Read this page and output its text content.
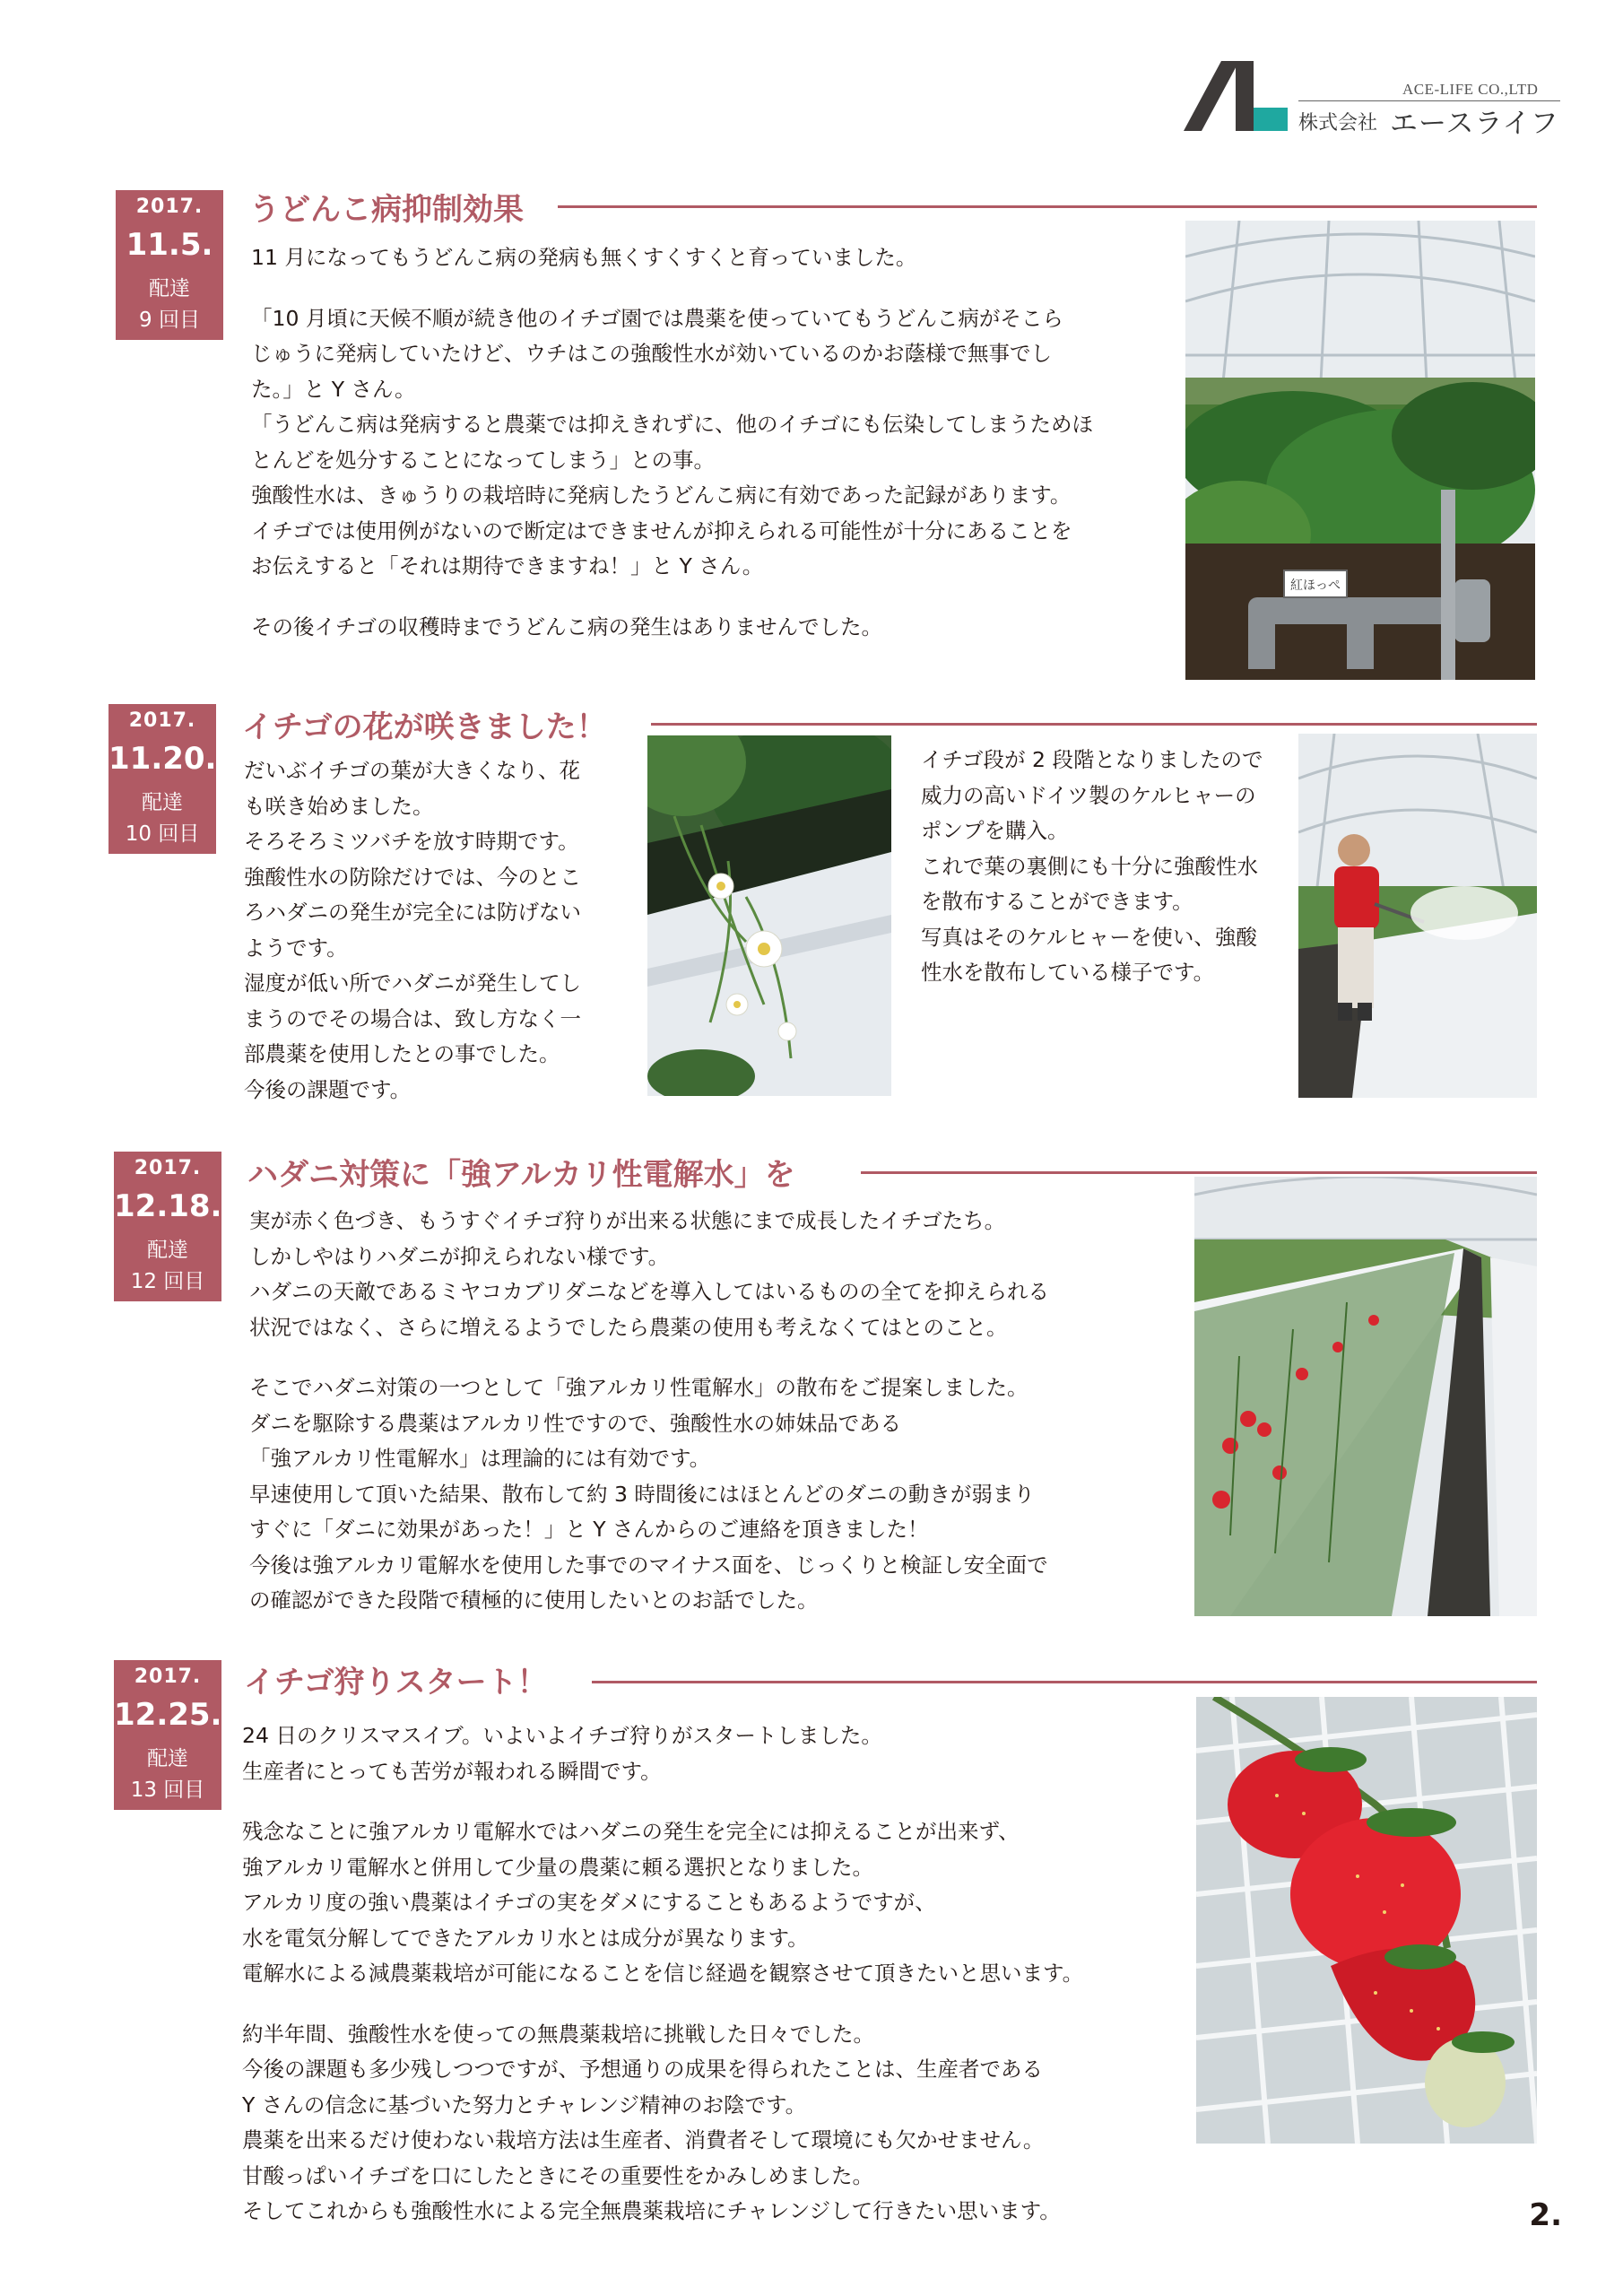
ACE-LIFE CO.,LTD
株式会社 エースライフ
2017.
11.5.
配達
9 回目
うどんこ病抑制効果

11 月になってもうどんこ病の発病も無くすくすくと育っていました。

「10 月頃に天候不順が続き他のイチゴ園では農薬を使っていてもうどんこ病がそこら

じゅうに発病していたけど、ウチはこの強酸性水が効いているのかお蔭様で無事でし

た。」と Y さん。

「うどんこ病は発病すると農薬では抑えきれずに、他のイチゴにも伝染してしまうためほ

とんどを処分することになってしまう」との事。

強酸性水は、きゅうりの栽培時に発病したうどんこ病に有効であった記録があります。

イチゴでは使用例がないので断定はできませんが抑えられる可能性が十分にあることを

お伝えすると「それは期待できますね！」と Y さん。

その後イチゴの収穫時までうどんこ病の発生はありませんでした。

紅ほっぺ
2017.
11.20.
配達
10 回目
イチゴの花が咲きました！

だいぶイチゴの葉が大きくなり、花

も咲き始めました。

そろそろミツバチを放す時期です。

強酸性水の防除だけでは、今のとこ

ろハダニの発生が完全には防げない

ようです。

湿度が低い所でハダニが発生してし

まうのでその場合は、致し方なく一

部農薬を使用したとの事でした。

今後の課題です。

イチゴ段が 2 段階となりましたので

威力の高いドイツ製のケルヒャーの

ポンプを購入。

これで葉の裏側にも十分に強酸性水

を散布することができます。

写真はそのケルヒャーを使い、強酸

性水を散布している様子です。

2017.
12.18.
配達
12 回目
ハダニ対策に「強アルカリ性電解水」を

実が赤く色づき、もうすぐイチゴ狩りが出来る状態にまで成長したイチゴたち。

しかしやはりハダニが抑えられない様です。

ハダニの天敵であるミヤコカブリダニなどを導入してはいるものの全てを抑えられる

状況ではなく、さらに増えるようでしたら農薬の使用も考えなくてはとのこと。

そこでハダニ対策の一つとして「強アルカリ性電解水」の散布をご提案しました。

ダニを駆除する農薬はアルカリ性ですので、強酸性水の姉妹品である

「強アルカリ性電解水」は理論的には有効です。

早速使用して頂いた結果、散布して約 3 時間後にはほとんどのダニの動きが弱まり

すぐに「ダニに効果があった！」と Y さんからのご連絡を頂きました！

今後は強アルカリ電解水を使用した事でのマイナス面を、じっくりと検証し安全面で

の確認ができた段階で積極的に使用したいとのお話でした。

2017.
12.25.
配達
13 回目
イチゴ狩りスタート！

24 日のクリスマスイブ。いよいよイチゴ狩りがスタートしました。

生産者にとっても苦労が報われる瞬間です。

残念なことに強アルカリ電解水ではハダニの発生を完全には抑えることが出来ず、

強アルカリ電解水と併用して少量の農薬に頼る選択となりました。

アルカリ度の強い農薬はイチゴの実をダメにすることもあるようですが、

水を電気分解してできたアルカリ水とは成分が異なります。

電解水による減農薬栽培が可能になることを信じ経過を観察させて頂きたいと思います。

約半年間、強酸性水を使っての無農薬栽培に挑戦した日々でした。

今後の課題も多少残しつつですが、予想通りの成果を得られたことは、生産者である

Y さんの信念に基づいた努力とチャレンジ精神のお陰です。

農薬を出来るだけ使わない栽培方法は生産者、消費者そして環境にも欠かせません。

甘酸っぱいイチゴを口にしたときにその重要性をかみしめました。

そしてこれからも強酸性水による完全無農薬栽培にチャレンジして行きたい思います。	2.
